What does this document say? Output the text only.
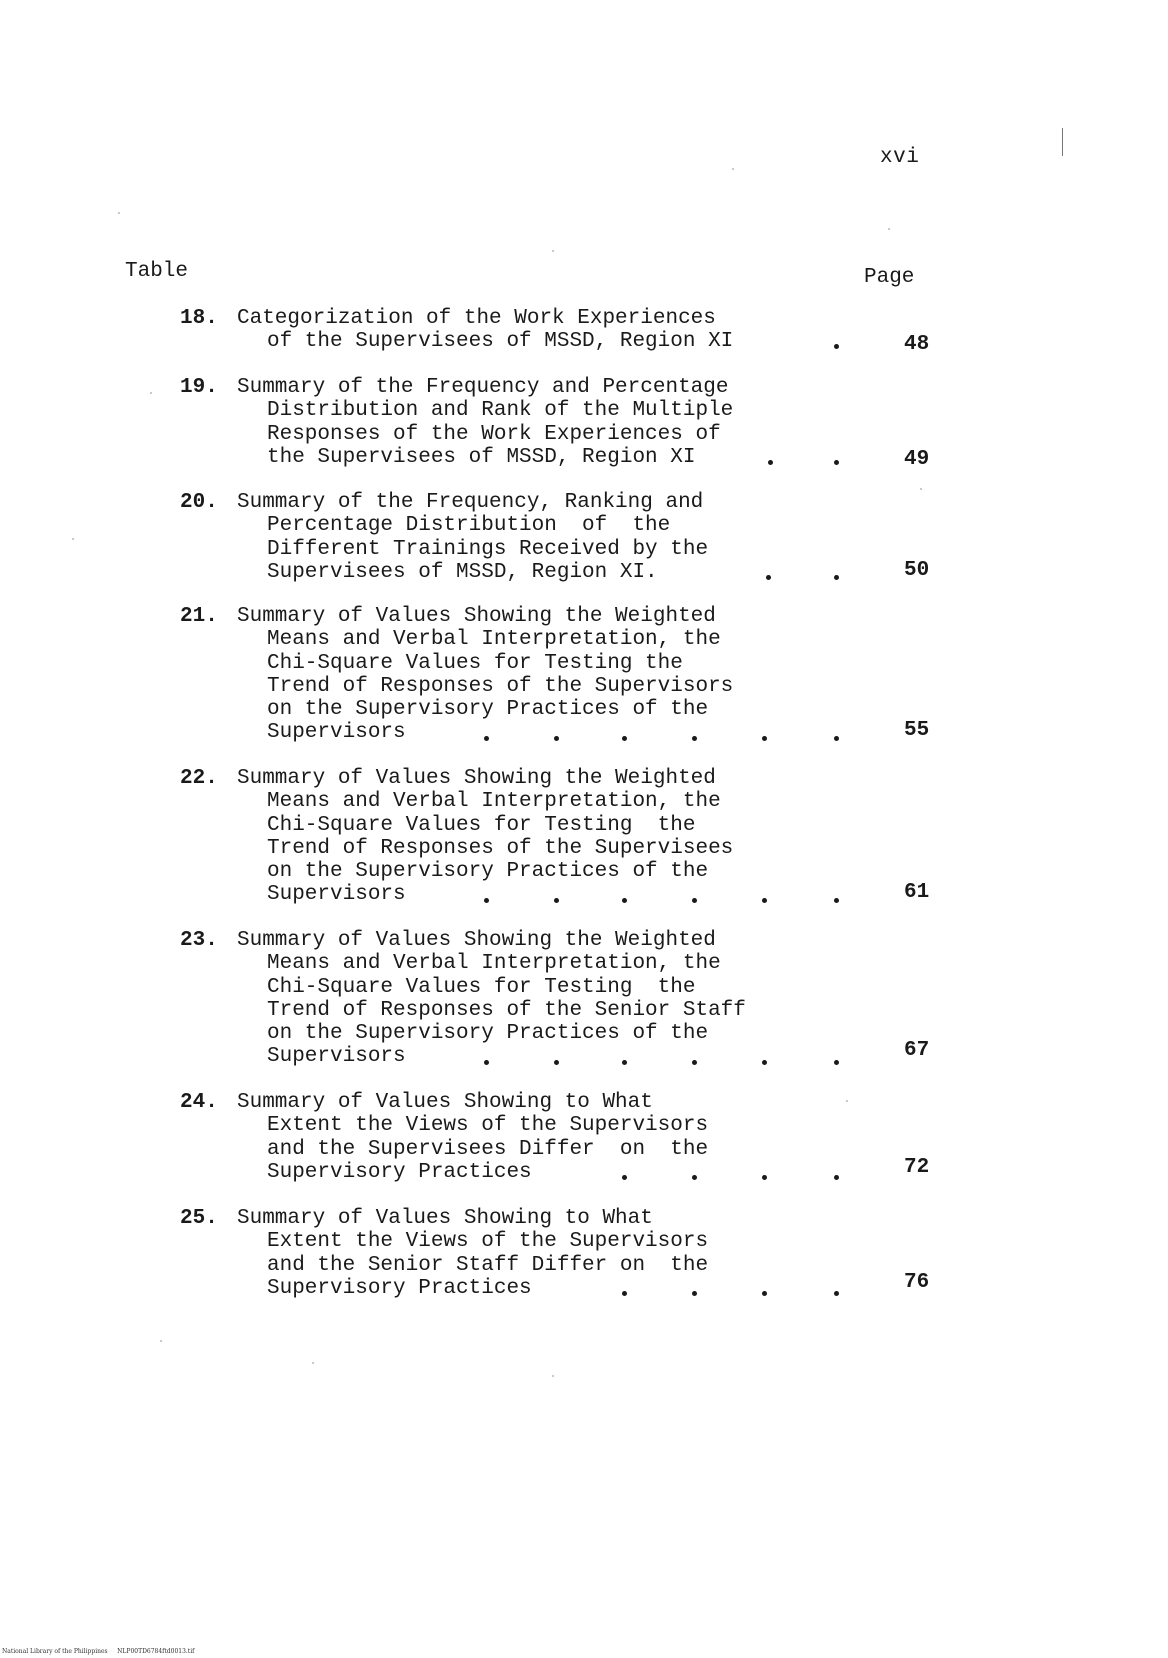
xvi
Table	Page
18. Categorization of the Work Experiences
of the Supervisees of MSSD, Region XI	48
19. Summary of the Frequency and Percentage
Distribution and Rank of the Multiple
Responses of the Work Experiences of
the Supervisees of MSSD, Region XI	49
20. Summary of the Frequency, Ranking and
Percentage Distribution  of  the
Different Trainings Received by the
Supervisees of MSSD, Region XI.	50
21. Summary of Values Showing the Weighted
Means and Verbal Interpretation, the
Chi-Square Values for Testing the
Trend of Responses of the Supervisors
on the Supervisory Practices of the
Supervisors	55
22. Summary of Values Showing the Weighted
Means and Verbal Interpretation, the
Chi-Square Values for Testing  the
Trend of Responses of the Supervisees
on the Supervisory Practices of the
Supervisors	61
23. Summary of Values Showing the Weighted
Means and Verbal Interpretation, the
Chi-Square Values for Testing  the
Trend of Responses of the Senior Staff
on the Supervisory Practices of the
Supervisors	67
24. Summary of Values Showing to What
Extent the Views of the Supervisors
and the Supervisees Differ  on  the
Supervisory Practices	72
25. Summary of Values Showing to What
Extent the Views of the Supervisors
and the Senior Staff Differ on  the
Supervisory Practices	76
National Library of the Philippines NLP00TD6784ftd0013.tif
